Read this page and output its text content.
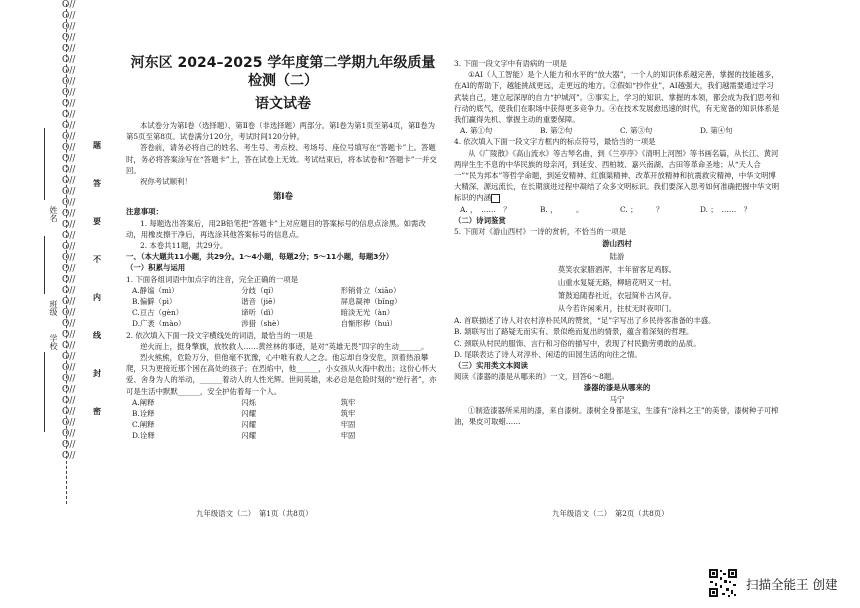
O//O//O//O//O//O//O//O//O//O//O//O//O//O//O//O//O//O//O//O//O//O//O//O//O//O//O//O//O//O//O//O//O//O//O//O//O//O//O//O//O//O//
题
答
要
不
内
线
封
密
姓名
班级
学校
河东区 2024–2025 学年度第二学期九年级质量检测（二）
语文试卷

本试卷分为第Ⅰ卷（选择题）、第Ⅱ卷（非选择题）两部分。第Ⅰ卷为第1页至第4页，第Ⅱ卷为第5页至第8页。试卷满分120分，考试时间120分钟。

答卷前，请务必将自己的姓名、考生号、考点校、考场号、座位号填写在“答题卡”上。答题时，务必将答案涂写在“答题卡”上，答在试卷上无效。考试结束后，将本试卷和“答题卡”一并交回。

祝你考试顺利！

第Ⅰ卷
注意事项：

1. 每题选出答案后，用2B铅笔把“答题卡”上对应题目的答案标号的信息点涂黑。如需改动，用橡皮擦干净后，再选涂其他答案标号的信息点。

2. 本卷共11题，共29分。

一、（本大题共11小题，共29分。1～4小题，每题2分；5～11小题，每题3分）
（一）积累与运用
1. 下面各组词语中加点字的注音，完全正确的一项是
A.静谧（mì）	分歧（qí）	形销骨立（xiāo）
B.偏僻（pì）	谐音（jiē）	屏息凝神（bǐng）
C.亘古（gèn）	谛听（dì）	暗淡无光（àn）
D.广袤（mào）	涉猎（shè）	自惭形秽（huì）
2. 依次填入下面一段文字横线处的词语，最恰当的一项是

逆火而上，挺身擎旗，放牧救人……黄丝林的事迹，是对“英雄无畏”四字的生动______。

烈火熊熊，危险万分，但他毫不犹豫，心中唯有救人之念。他忘却自身安危，顶着热浪攀爬，只为更接近那个困在高处的孩子；在烈焰中，他______，小女孩从火海中救出；这份心怀大爱、舍身为人的举动，______着动人的人性光辉。世间英雄，未必总是危险时刻的“逆行者”，亦可是生活中默默______，安全护佑着每一个人。

A.阐释	闪烁	筑牢
B.诠释	闪耀	筑牢
C.阐释	闪耀	牢固
D.诠释	闪耀	牢固
九年级语文（二）　第1页（共8页）
3. 下面一段文字中有语病的一项是

①AI（人工智能）是个人能力和水平的“放大器”，一个人的知识体系越完善，掌握的技能越多，在AI的帮助下，越能挑战更远，走更远的地方。②假如“抄作业”，AI越强大，我们越需要通过学习武装自己，建立起深厚的自力“护城河”。③事实上，学习的知识、掌握的本领，都会成为我们思考和行动的底气，使我们在职场中获得更多竞争力。④在技术发展愈迅速的时代，有无宽备的知识体系是我们赢得先机、掌握主动的重要保障。

A. 第①句	B. 第②句	C. 第③句	D. 第④句
4. 依次填入下面一段文字方框内的标点符号，最恰当的一项是

从《广陵散》《高山流水》等古琴名曲，到《兰亭序》《清明上河图》等书画名篇，从长江、黄河两岸生生不息的中华民族的母亲河，到延安、西柏坡、嘉兴南湖、古田等革命圣地；从“天人合一”“民为邦本”等哲学命题，到延安精神、红旗渠精神、改革开放精神和抗震救灾精神，中华文明博大精深、源远流长，在长期演进过程中凝结了众多文明标识。我们要深入思考如何准确把握中华文明标识的内涵

A. ，　……　？	B. ，　　　。	C. ；　　　？	D. ；　……　？
（二）诗词鉴赏
5. 下面对《游山西村》一诗的赏析，不恰当的一项是
游山西村
陆游
莫笑农家腊酒浑，丰年留客足鸡豚。
山重水复疑无路，柳暗花明又一村。
箫鼓追随春社近，衣冠简朴古风存。
从今若许闲乘月，拄杖无时夜叩门。
A. 首联描述了诗人对农村淳朴民风的赞赏，“足”字写出了乡民待客准备的丰盛。
B. 颔联写出了路疑无而实有、景似绝而复出的情景，蕴含着深刻的哲理。
C. 颈联从村民的服饰、言行和习俗的描写中，表现了村民勤劳勇敢的品质。
D. 尾联表达了诗人对淳朴、闲适的田园生活的向往之情。
（三）实用类文本阅读
阅读《漆器的漆是从哪来的》一文，回答6～8题。
漆器的漆是从哪来的
马宁

①制造漆器所采用的漆，来自漆树。漆树全身都是宝，生漆有“涂料之王”的美誉，漆树种子可榨油，果皮可取蜡……

九年级语文（二）　第2页（共8页）
扫描全能王 创建
